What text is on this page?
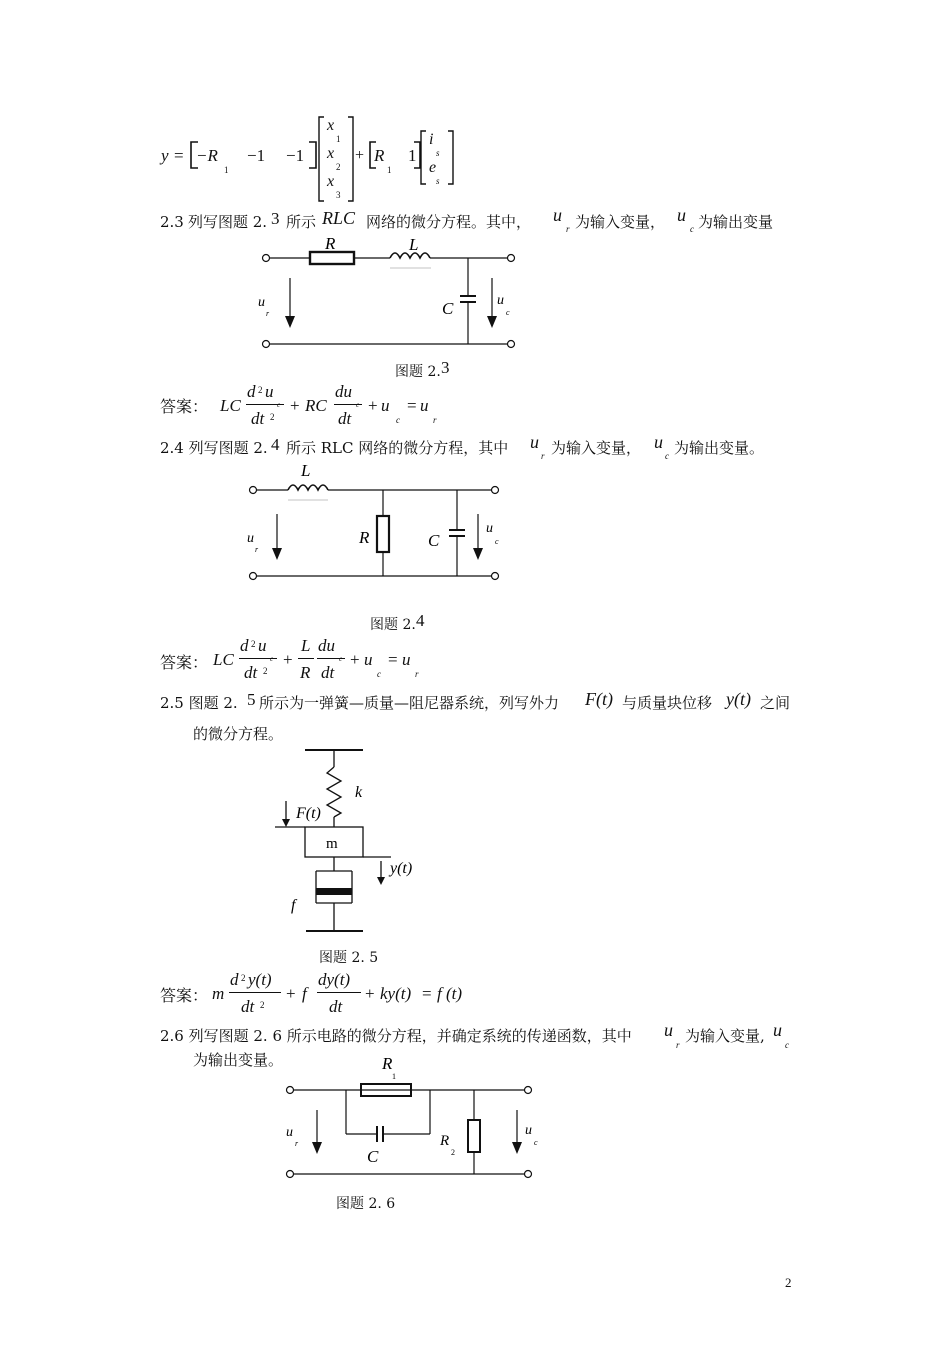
y = −R
1
−1 −1
x
1
x
2
x
3
+ R
1
1
i
s
e
s
2.3 列写图题 2. 3 所示 RLC 网络的微分方程。其中， u
r 为输入变量， u
c 为输出变量
R	L
C
u
r
u
c
图题 2. 3
答案： LC
d 2 u
c
dt 2
+ RC
du
c
dt
+ u
c
= u
r
2.4 列写图题 2. 4 所示 RLC 网络的微分方程，其中 u
r 为输入变量， u
c 为输出变量。
L
R	C
u
r
u
c
图题 2. 4
答案： LC
d 2 u
c
dt 2
+
L
R
du
c
dt
+ u
c
= u
r
2.5 图题 2. 5 所示为一弹簧—质量—阻尼器系统，列写外力 F(t) 与质量块位移 y(t) 之间
的微分方程。
k
F(t)
m
y(t)
f
图题 2. 5
答案： m
d 2 y(t)
dt 2
+ f
dy(t)
dt
+ ky(t) = f (t)
2.6 列写图题 2. 6 所示电路的微分方程，并确定系统的传递函数，其中 u
r 为输入变量, u
c
为输出变量。	R
1
C
R
2
u
r
u
c
图题 2. 6
2
